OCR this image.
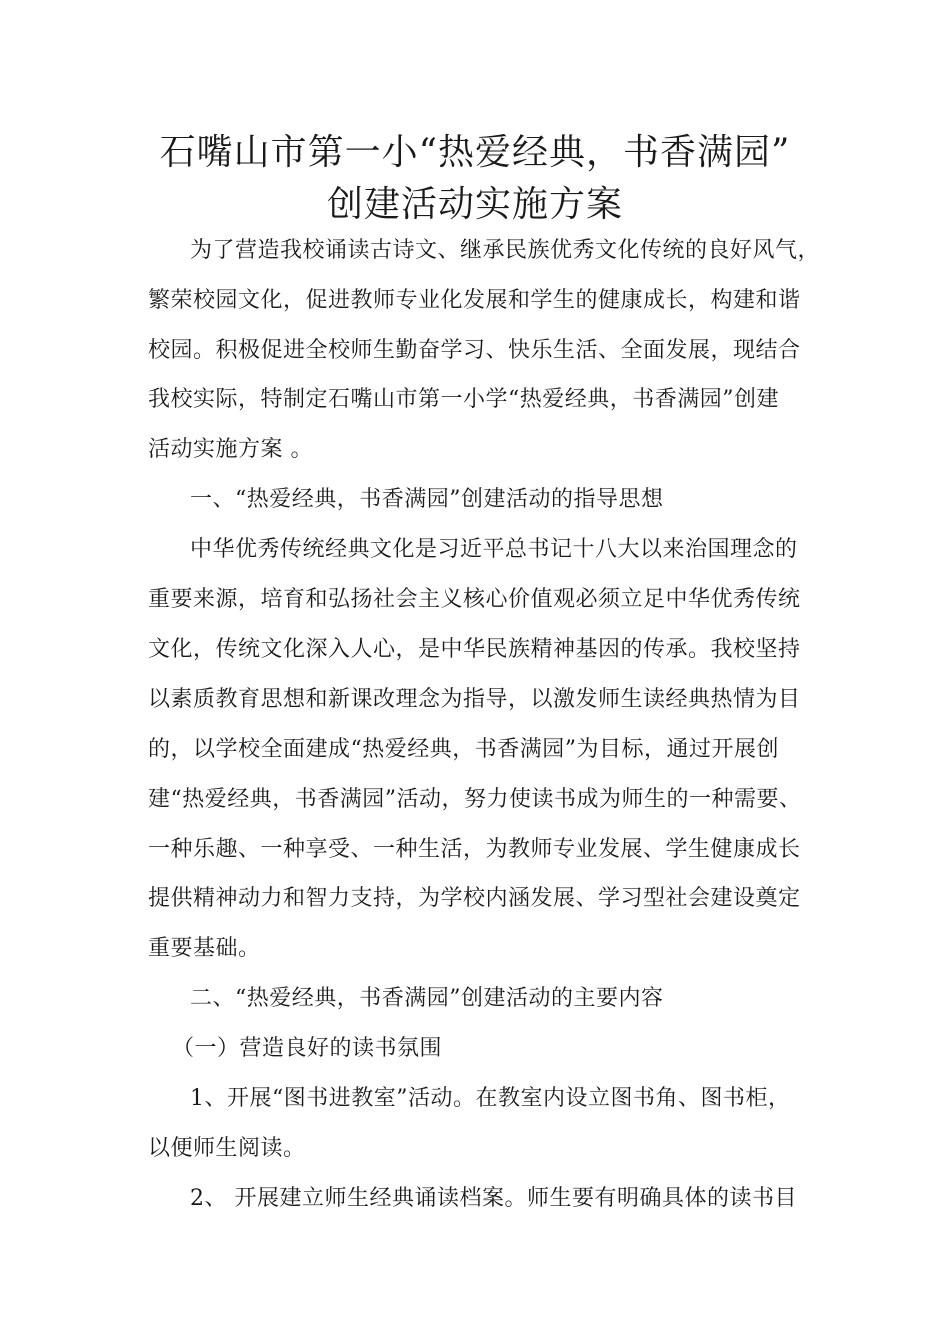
石嘴山市第一小“热爱经典，书香满园”
创建活动实施方案
为了营造我校诵读古诗文、继承民族优秀文化传统的良好风气，
繁荣校园文化，促进教师专业化发展和学生的健康成长，构建和谐
校园。积极促进全校师生勤奋学习、快乐生活、全面发展，现结合
我校实际，特制定石嘴山市第一小学“热爱经典，书香满园”创建
活动实施方案 。
一、“热爱经典，书香满园”创建活动的指导思想
中华优秀传统经典文化是习近平总书记十八大以来治国理念的
重要来源，培育和弘扬社会主义核心价值观必须立足中华优秀传统
文化，传统文化深入人心，是中华民族精神基因的传承。我校坚持
以素质教育思想和新课改理念为指导，以激发师生读经典热情为目
的，以学校全面建成“热爱经典，书香满园”为目标，通过开展创
建“热爱经典，书香满园”活动，努力使读书成为师生的一种需要、
一种乐趣、一种享受、一种生活，为教师专业发展、学生健康成长
提供精神动力和智力支持，为学校内涵发展、学习型社会建设奠定
重要基础。
二、“热爱经典，书香满园”创建活动的主要内容
（一）营造良好的读书氛围
1、开展“图书进教室”活动。在教室内设立图书角、图书柜，
以便师生阅读。
2、 开展建立师生经典诵读档案。师生要有明确具体的读书目
